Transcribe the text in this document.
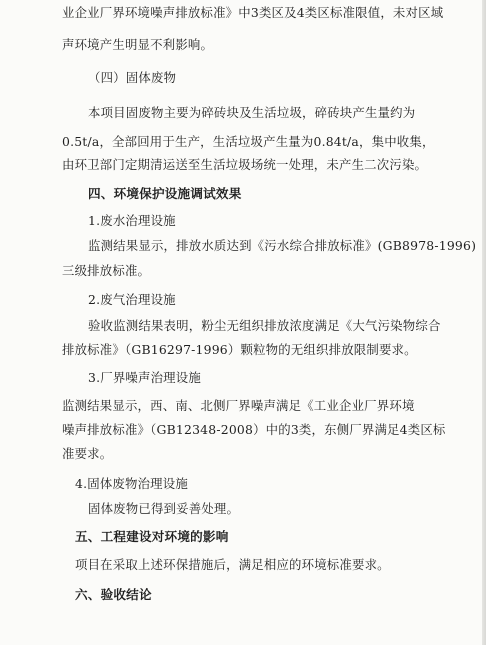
业企业厂界环境噪声排放标准》中3类区及4类区标准限值，未对区域
声环境产生明显不利影响。
（四）固体废物
本项目固废物主要为碎砖块及生活垃圾，碎砖块产生量约为
0.5t/a，全部回用于生产，生活垃圾产生量为0.84t/a，集中收集，
由环卫部门定期清运送至生活垃圾场统一处理，未产生二次污染。
四、环境保护设施调试效果
1.废水治理设施
监测结果显示，排放水质达到《污水综合排放标准》(GB8978-1996)
三级排放标准。
2.废气治理设施
验收监测结果表明，粉尘无组织排放浓度满足《大气污染物综合
排放标准》（GB16297-1996）颗粒物的无组织排放限制要求。
3.厂界噪声治理设施
监测结果显示，西、南、北侧厂界噪声满足《工业企业厂界环境
噪声排放标准》（GB12348-2008）中的3类，东侧厂界满足4类区标
准要求。
4.固体废物治理设施
固体废物已得到妥善处理。
五、工程建设对环境的影响
项目在采取上述环保措施后，满足相应的环境标准要求。
六、验收结论
